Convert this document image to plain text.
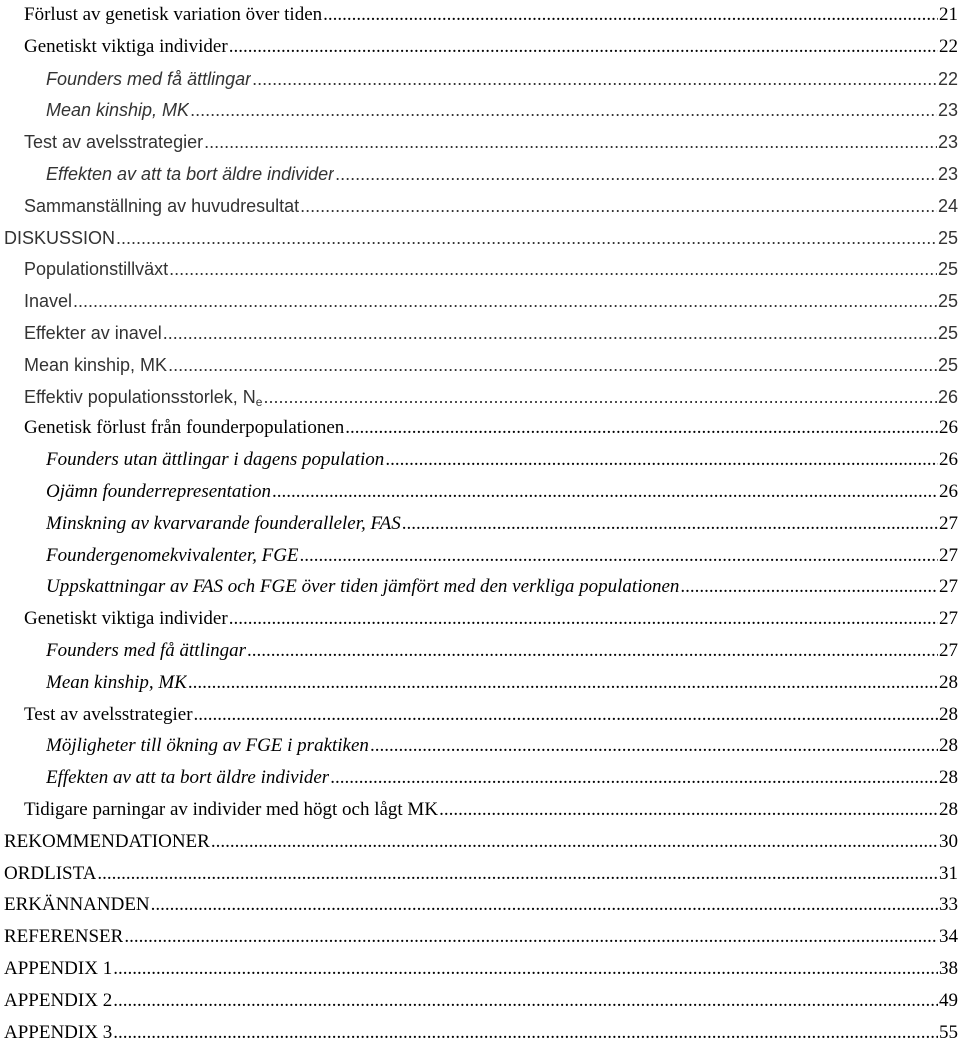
Förlust av genetisk variation över tiden .....	21
Genetiskt viktiga individer .....	22
Founders med få ättlingar .....	22
Mean kinship, MK .....	23
Test av avelsstrategier .....	23
Effekten av att ta bort äldre individer .....	23
Sammanställning av huvudresultat .....	24
DISKUSSION .....	25
Populationstillväxt .....	25
Inavel .....	25
Effekter av inavel .....	25
Mean kinship, MK .....	25
Effektiv populationsstorlek, $N_e$ .....	26
Genetisk förlust från founderpopulationen .....	26
Founders utan ättlingar i dagens population .....	26
Ojämn founderrepresentation .....	26
Minskning av kvarvarande founderalleler, FAS .....	27
Foundergenomekvivalenter, FGE .....	27
Uppskattningar av FAS och FGE över tiden jämfört med den verkliga populationen .....	27
Genetiskt viktiga individer .....	27
Founders med få ättlingar .....	27
Mean kinship, MK .....	28
Test av avelsstrategier .....	28
Möjligheter till ökning av FGE i praktiken .....	28
Effekten av att ta bort äldre individer .....	28
Tidigare parningar av individer med högt och lågt MK .....	28
REKOMMENDATIONER .....	30
ORDLISTA .....	31
ERKÄNNANDEN .....	33
REFERENSER .....	34
APPENDIX 1 .....	38
APPENDIX 2 .....	49
APPENDIX 3 .....	55
